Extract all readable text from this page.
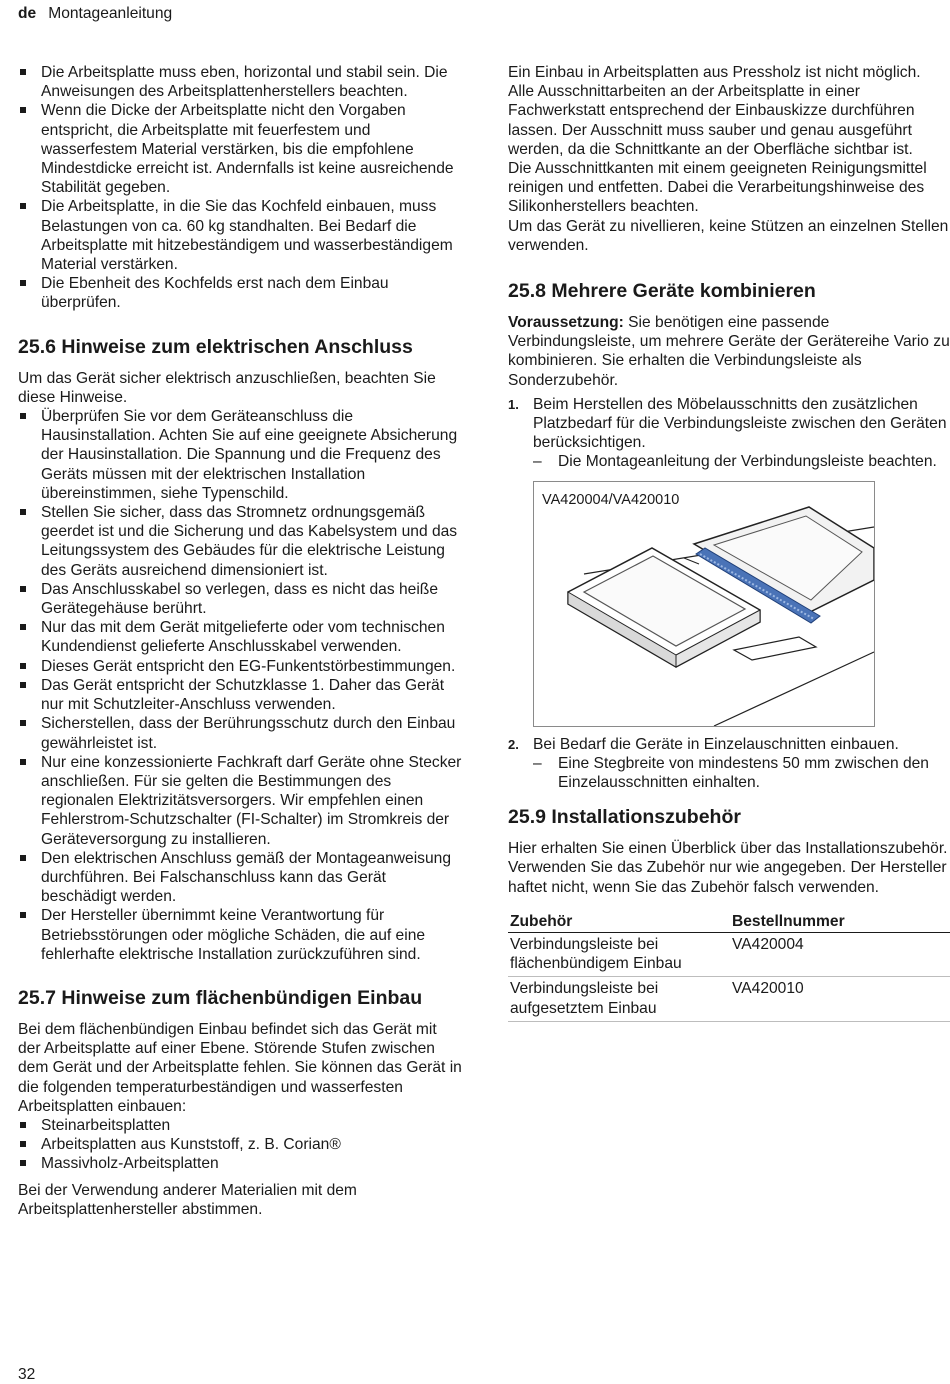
de Montageanleitung
Die Arbeitsplatte muss eben, horizontal und stabil sein. Die Anweisungen des Arbeitsplattenherstellers beachten.
Wenn die Dicke der Arbeitsplatte nicht den Vorgaben entspricht, die Arbeitsplatte mit feuerfestem und wasserfestem Material verstärken, bis die empfohlene Mindestdicke erreicht ist. Andernfalls ist keine ausreichende Stabilität gegeben.
Die Arbeitsplatte, in die Sie das Kochfeld einbauen, muss Belastungen von ca. 60 kg standhalten. Bei Bedarf die Arbeitsplatte mit hitzebeständigem und wasserbeständigem Material verstärken.
Die Ebenheit des Kochfelds erst nach dem Einbau überprüfen.
25.6 Hinweise zum elektrischen Anschluss

Um das Gerät sicher elektrisch anzuschließen, beachten Sie diese Hinweise.

Überprüfen Sie vor dem Geräteanschluss die Hausinstallation. Achten Sie auf eine geeignete Absicherung der Hausinstallation. Die Spannung und die Frequenz des Geräts müssen mit der elektrischen Installation übereinstimmen, siehe Typenschild.
Stellen Sie sicher, dass das Stromnetz ordnungsgemäß geerdet ist und die Sicherung und das Kabelsystem und das Leitungssystem des Gebäudes für die elektrische Leistung des Geräts ausreichend dimensioniert ist.
Das Anschlusskabel so verlegen, dass es nicht das heiße Gerätegehäuse berührt.
Nur das mit dem Gerät mitgelieferte oder vom technischen Kundendienst gelieferte Anschlusskabel verwenden.
Dieses Gerät entspricht den EG-Funkentstörbestimmungen.
Das Gerät entspricht der Schutzklasse 1. Daher das Gerät nur mit Schutzleiter-Anschluss verwenden.
Sicherstellen, dass der Berührungsschutz durch den Einbau gewährleistet ist.
Nur eine konzessionierte Fachkraft darf Geräte ohne Stecker anschließen. Für sie gelten die Bestimmungen des regionalen Elektrizitätsversorgers. Wir empfehlen einen Fehlerstrom-Schutzschalter (FI-Schalter) im Stromkreis der Geräteversorgung zu installieren.
Den elektrischen Anschluss gemäß der Montageanweisung durchführen. Bei Falschanschluss kann das Gerät beschädigt werden.
Der Hersteller übernimmt keine Verantwortung für Betriebsstörungen oder mögliche Schäden, die auf eine fehlerhafte elektrische Installation zurückzuführen sind.
25.7 Hinweise zum flächenbündigen Einbau

Bei dem flächenbündigen Einbau befindet sich das Gerät mit der Arbeitsplatte auf einer Ebene. Störende Stufen zwischen dem Gerät und der Arbeitsplatte fehlen. Sie können das Gerät in die folgenden temperaturbeständigen und wasserfesten Arbeitsplatten einbauen:

Steinarbeitsplatten
Arbeitsplatten aus Kunststoff, z. B. Corian®
Massivholz-Arbeitsplatten

Bei der Verwendung anderer Materialien mit dem Arbeitsplattenhersteller abstimmen.

Ein Einbau in Arbeitsplatten aus Pressholz ist nicht möglich.

Alle Ausschnittarbeiten an der Arbeitsplatte in einer Fachwerkstatt entsprechend der Einbauskizze durchführen lassen. Der Ausschnitt muss sauber und genau ausgeführt werden, da die Schnittkante an der Oberfläche sichtbar ist.

Die Ausschnittkanten mit einem geeigneten Reinigungsmittel reinigen und entfetten. Dabei die Verarbeitungshinweise des Silikonherstellers beachten.

Um das Gerät zu nivellieren, keine Stützen an einzelnen Stellen verwenden.

25.8 Mehrere Geräte kombinieren

Voraussetzung: Sie benötigen eine passende Verbindungsleiste, um mehrere Geräte der Gerätereihe Vario zu kombinieren. Sie erhalten die Verbindungsleiste als Sonderzubehör.

1. Beim Herstellen des Möbelausschnitts den zusätzlichen Platzbedarf für die Verbindungsleiste zwischen den Geräten berücksichtigen.
– Die Montageanleitung der Verbindungsleiste beachten.
VA420004/VA420010
2. Bei Bedarf die Geräte in Einzelauschnitten einbauen.
– Eine Stegbreite von mindestens 50 mm zwischen den Einzelausschnitten einhalten.
25.9 Installationszubehör

Hier erhalten Sie einen Überblick über das Installationszubehör.

Verwenden Sie das Zubehör nur wie angegeben. Der Hersteller haftet nicht, wenn Sie das Zubehör falsch verwenden.

Zubehör	Bestellnummer
Verbindungsleiste bei flächenbündigem Einbau	VA420004
Verbindungsleiste bei aufgesetztem Einbau	VA420010
32
